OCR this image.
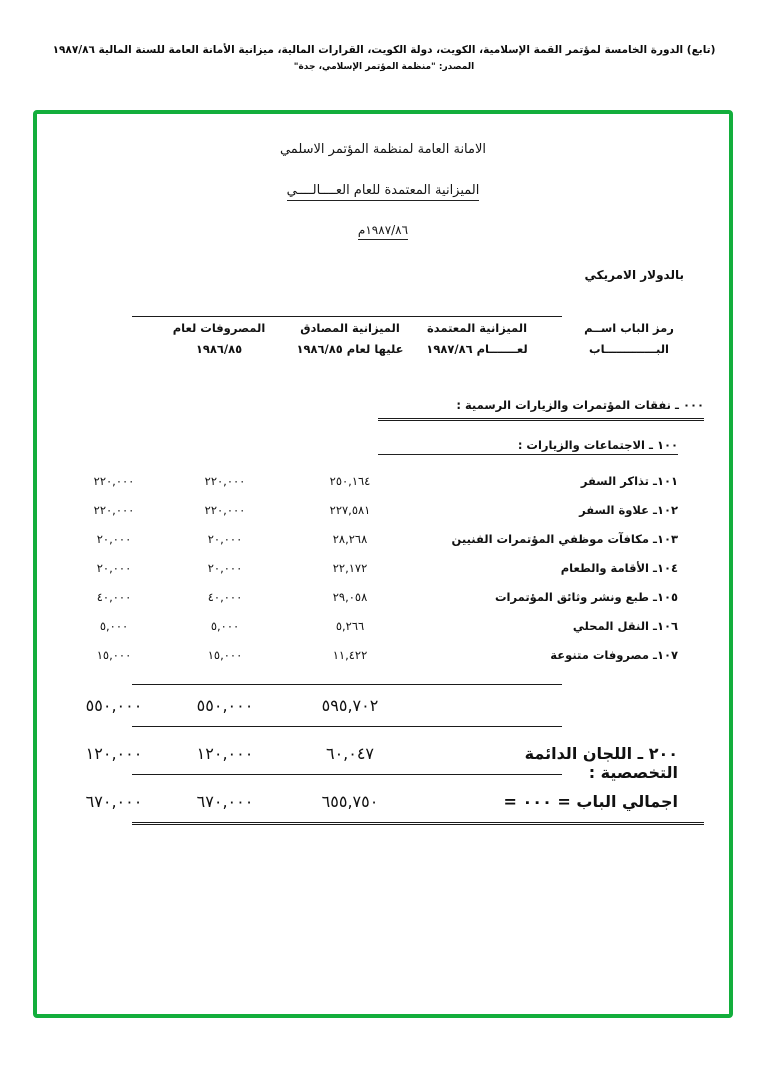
(تابع) الدورة الخامسة لمؤتمر القمة الإسلامية، الكويت، دولة الكويت، القرارات المالية، ميزانية الأمانة العامة للسنة المالية ١٩٨٧/٨٦
المصدر: "منظمة المؤتمر الإسلامي، جدة"
الامانة العامة لمنظمة المؤتمر الاسلمي
الميزانية المعتمدة للعام العــــالــــي
١٩٨٧/٨٦م
بالدولار الامريكي
رمز الباب اســم البـــــــــــــاب
المصروفات لعام
١٩٨٦/٨٥
الميزانية المصادق
عليها لعام ١٩٨٦/٨٥
الميزانية المعتمدة
لعـــــــام ١٩٨٧/٨٦
٠٠٠ ـ نفقات المؤتمرات والزيارات الرسمية :
١٠٠ ـ الاجتماعات والزيارات :
١٠١ـ تذاكر السفر
٢٥٠,١٦٤
٢٢٠,٠٠٠
٢٢٠,٠٠٠
١٠٢ـ علاوة السفر
٢٢٧,٥٨١
٢٢٠,٠٠٠
٢٢٠,٠٠٠
١٠٣ـ مكافآت موظفي المؤتمرات الفنيين
٢٨,٢٦٨
٢٠,٠٠٠
٢٠,٠٠٠
١٠٤ـ الأقامة والطعام
٢٢,١٧٢
٢٠,٠٠٠
٢٠,٠٠٠
١٠٥ـ طبع ونشر وثائق المؤتمرات
٢٩,٠٥٨
٤٠,٠٠٠
٤٠,٠٠٠
١٠٦ـ النقل المحلي
٥,٢٦٦
٥,٠٠٠
٥,٠٠٠
١٠٧ـ مصروفات متنوعة
١١,٤٢٢
١٥,٠٠٠
١٥,٠٠٠
٥٩٥,٧٠٢
٥٥٠,٠٠٠
٥٥٠,٠٠٠
٢٠٠ ـ اللجان الدائمة التخصصية :
٦٠,٠٤٧
١٢٠,٠٠٠
١٢٠,٠٠٠
اجمالي الباب = ٠٠٠ =
٦٥٥,٧٥٠
٦٧٠,٠٠٠
٦٧٠,٠٠٠
